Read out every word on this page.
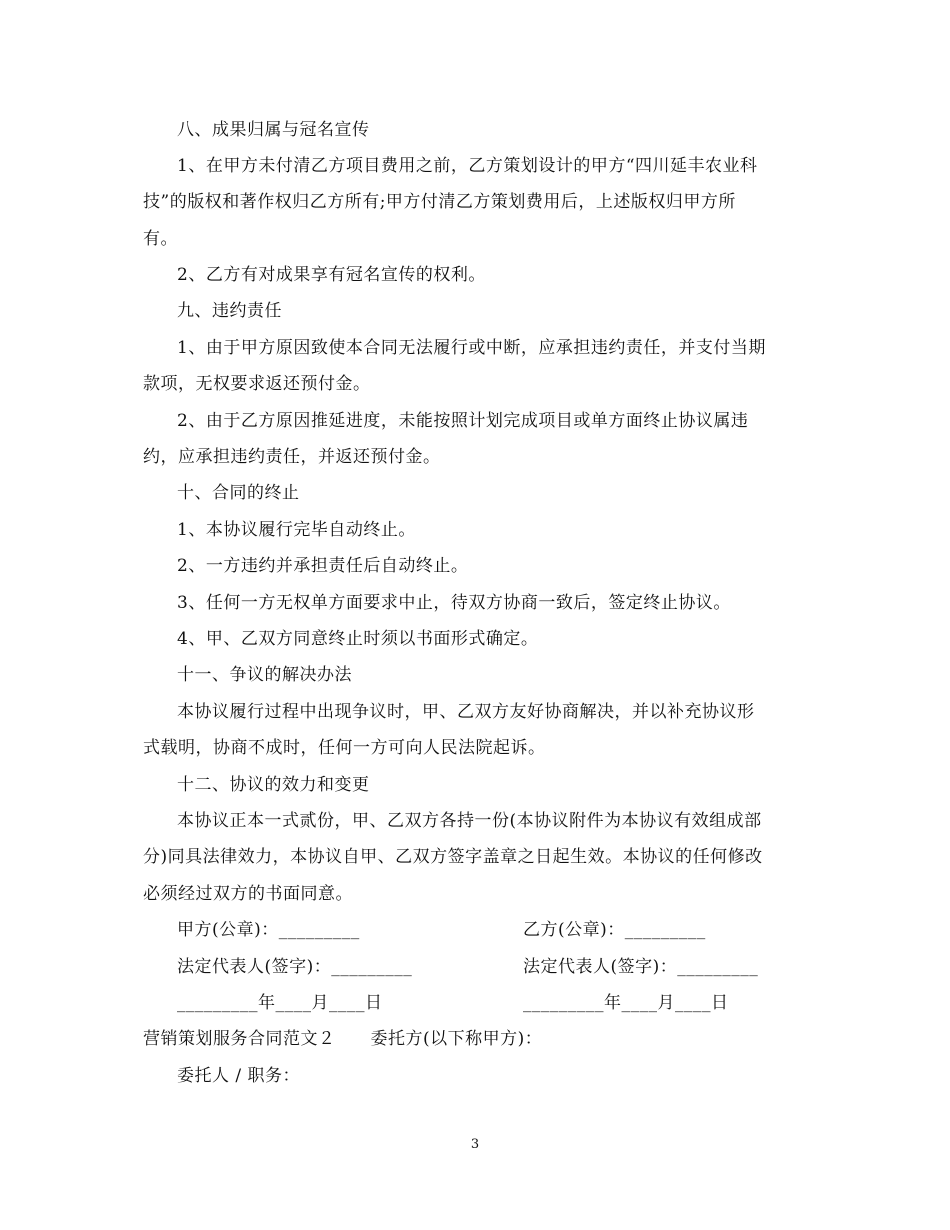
八、成果归属与冠名宣传
1、在甲方未付清乙方项目费用之前，乙方策划设计的甲方“四川延丰农业科
技”的版权和著作权归乙方所有;甲方付清乙方策划费用后，上述版权归甲方所
有。
2、乙方有对成果享有冠名宣传的权利。
九、违约责任
1、由于甲方原因致使本合同无法履行或中断，应承担违约责任，并支付当期
款项，无权要求返还预付金。
2、由于乙方原因推延进度，未能按照计划完成项目或单方面终止协议属违
约，应承担违约责任，并返还预付金。
十、合同的终止
1、本协议履行完毕自动终止。
2、一方违约并承担责任后自动终止。
3、任何一方无权单方面要求中止，待双方协商一致后，签定终止协议。
4、甲、乙双方同意终止时须以书面形式确定。
十一、争议的解决办法
本协议履行过程中出现争议时，甲、乙双方友好协商解决，并以补充协议形
式载明，协商不成时，任何一方可向人民法院起诉。
十二、协议的效力和变更
本协议正本一式贰份，甲、乙双方各持一份(本协议附件为本协议有效组成部
分)同具法律效力，本协议自甲、乙双方签字盖章之日起生效。本协议的任何修改
必须经过双方的书面同意。
甲方(公章)：_________	乙方(公章)：_________
法定代表人(签字)：_________	法定代表人(签字)：_________
_________年____月____日	_________年____月____日
营销策划服务合同范文２　　委托方(以下称甲方)：
委托人 / 职务：
3
